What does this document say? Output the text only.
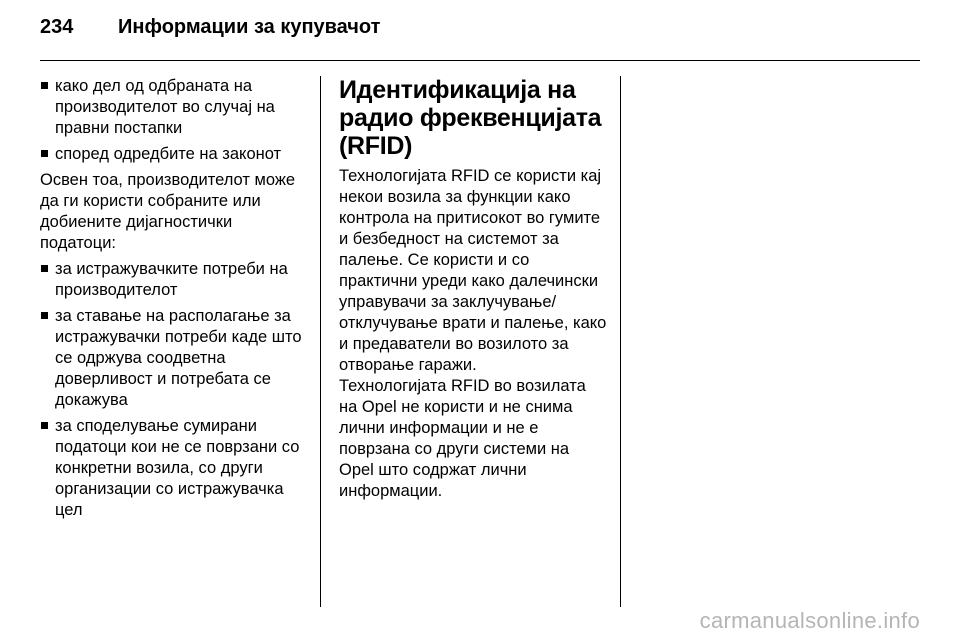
234	Информации за купувачот
како дел од одбраната на производителот во случај на правни постапки
според одредбите на законот

Освен тоа, производителот може да ги користи собраните или добиените дијагностички податоци:

за истражувачките потреби на производителот
за ставање на располагање за истражувачки потреби каде што се одржува соодветна доверливост и потребата се докажува
за споделување сумирани податоци кои не се поврзани со конкретни возила, со други организации со истражувачка цел
Идентификација на радио фреквенцијата (RFID)

Технологијата RFID се користи кај некои возила за функции како контрола на притисокот во гумите и безбедност на системот за палење. Се користи и со практични уреди како далечински управувачи за заклучување/отклучување врати и палење, како и предаватели во возилото за отворање гаражи.

Технологијата RFID во возилата на Opel не користи и не снима лични информации и не е поврзана со други системи на Opel што содржат лични информации.

carmanualsonline.info
